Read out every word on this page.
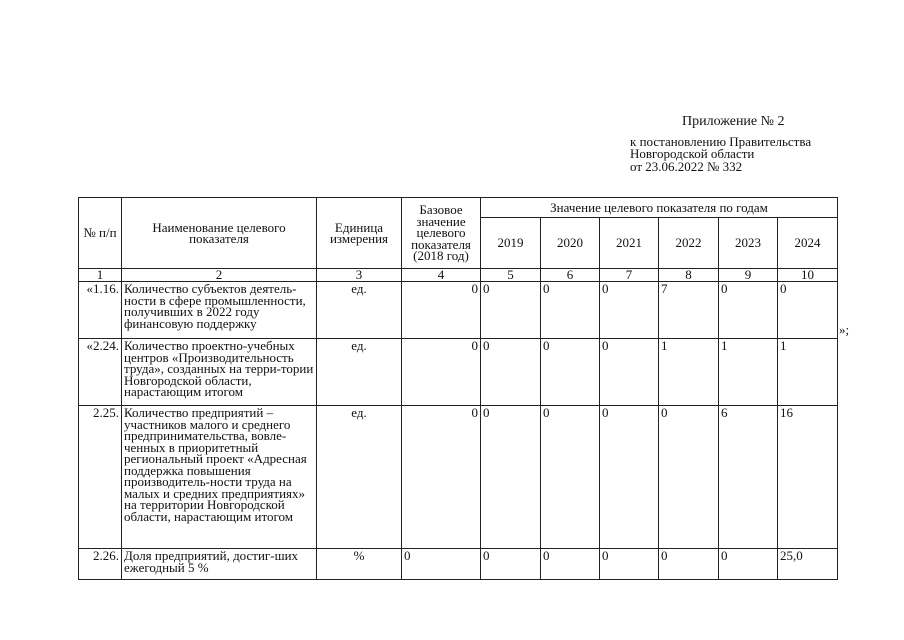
Приложение № 2
к постановлению Правительства
Новгородской области
от 23.06.2022 № 332
№ п/п	Наименование целевого показателя	Единица измерения	Базовое значение целевого показателя (2018 год)	Значение целевого показателя по годам					
				2019	2020	2021	2022	2023	2024
1	2	3	4	5	6	7	8	9	10
«1.16.	Количество субъектов деятель-ности в сфере промышленности, получивших в 2022 году финансовую поддержку	ед.	0	0	0	0	7	0	0
«2.24.	Количество проектно-учебных центров «Производительность труда», созданных на терри-тории Новгородской области, нарастающим итогом	ед.	0	0	0	0	1	1	1
2.25.	Количество предприятий – участников малого и среднего предпринимательства, вовле-ченных в приоритетный региональный проект «Адресная поддержка повышения производитель-ности труда на малых и средних предприятиях» на территории Новгородской области, нарастающим итогом	ед.	0	0	0	0	0	6	16
2.26.	Доля предприятий, достиг-ших ежегодный 5 %	%	0	0	0	0	0	0	25,0
»;
